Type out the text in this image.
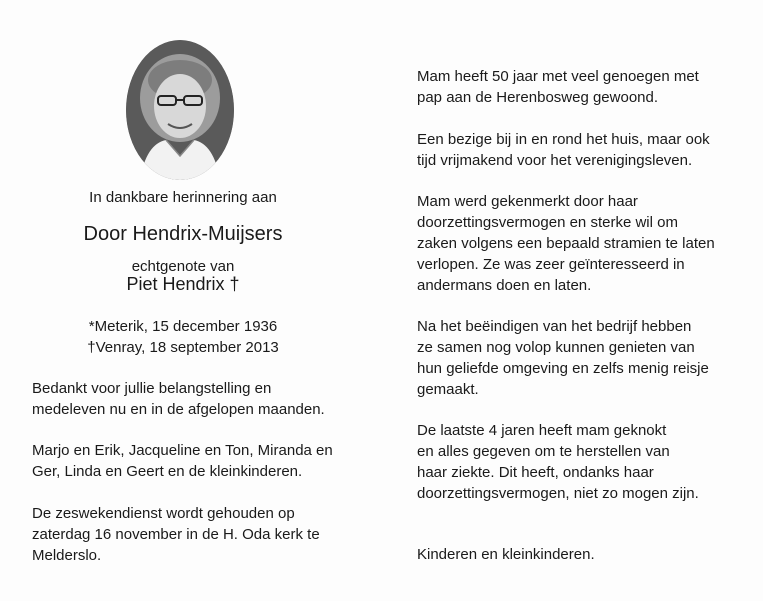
In dankbare herinnering aan
Door Hendrix-Muijsers
echtgenote van
Piet Hendrix †
*Meterik, 15 december 1936
†Venray, 18 september 2013
Bedankt voor jullie belangstelling en
medeleven nu en in de afgelopen maanden.
Marjo en Erik, Jacqueline en Ton, Miranda en
Ger, Linda en Geert en de kleinkinderen.
De zeswekendienst wordt gehouden op
zaterdag 16 november in de H. Oda kerk te
Melderslo.
Mam heeft 50 jaar met veel genoegen met
pap aan de Herenbosweg gewoond.
Een bezige bij in en rond het huis, maar ook
tijd vrijmakend voor het verenigingsleven.
Mam werd gekenmerkt door haar
doorzettingsvermogen en sterke wil om
zaken volgens een bepaald stramien te laten
verlopen. Ze was zeer geïnteresseerd in
andermans doen en laten.
Na het beëindigen van het bedrijf hebben
ze samen nog volop kunnen genieten van
hun geliefde omgeving en zelfs menig reisje
gemaakt.
De laatste 4 jaren heeft mam geknokt
en alles gegeven om te herstellen van
haar ziekte. Dit heeft, ondanks haar
doorzettingsvermogen, niet zo mogen zijn.
Kinderen en kleinkinderen.
